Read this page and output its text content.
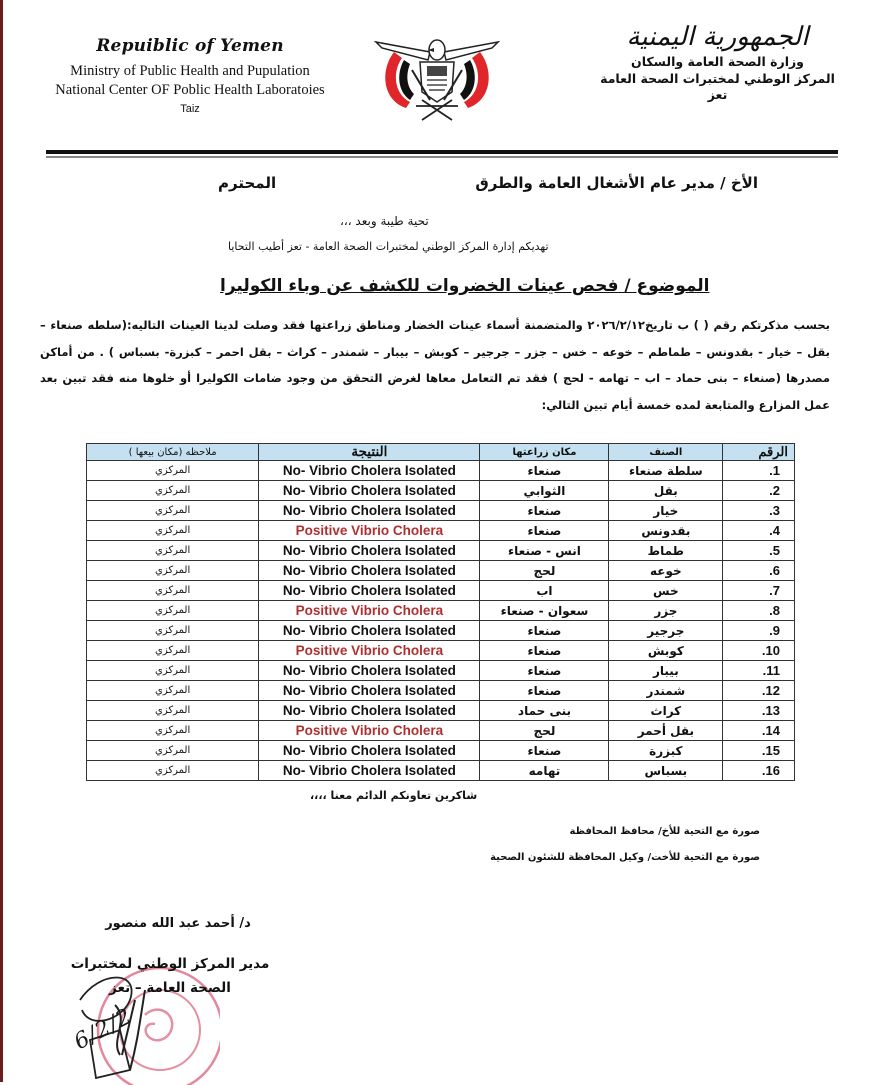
Repuiblic of Yemen
Ministry of Public Health and Pupulation
National Center OF Poblic Health Laboratoies
Taiz
الجمهورية اليمنية
وزارة الصحة العامة والسكان
المركز الوطني لمختبرات الصحة العامة
تعز
الأخ / مدير عام الأشغال العامة والطرق
المحترم
تحية طيبة وبعد ،،،
تهديكم إدارة المركز الوطني لمختبرات الصحة العامة - تعز أطيب التحايا
الموضوع / فحص عينات الخضروات للكشف عن وباء الكوليرا
بحسب مذكرتكم رقم ( ) ب تاريخ٢٠٢٦/٢/١٢ والمتضمنة أسماء عينات الخضار ومناطق زراعتها فقد وصلت لدينا العينات التاليه:(سلطه صنعاء – بقل – خيار - بقدونس – طماطم – خوعه – خس – جزر – جرجير – كوبش – بيبار – شمندر – كراث – بقل احمر – كبزرة- بسباس ) . من أماكن مصدرها (صنعاء – بنى حماد – اب – تهامه - لحج ) فقد تم التعامل معاها لغرض التحقق من وجود ضامات الكوليرا أو خلوها منه فقد تبين بعد عمل المزارع والمتابعة لمده خمسة أيام تبين التالي:
الرقم	الصنف	مكان زراعتها	النتيجة	ملاحظه (مكان بيعها )
.1	سلطة صنعاء	صنعاء	No- Vibrio Cholera Isolated	المركزي
.2	بقل	الثوابي	No- Vibrio Cholera Isolated	المركزي
.3	خيار	صنعاء	No- Vibrio Cholera Isolated	المركزي
.4	بقدونس	صنعاء	Positive Vibrio Cholera	المركزي
.5	طماط	انس - صنعاء	No- Vibrio Cholera Isolated	المركزي
.6	خوعه	لحج	No- Vibrio Cholera Isolated	المركزي
.7	خس	اب	No- Vibrio Cholera Isolated	المركزي
.8	جزر	سعوان - صنعاء	Positive Vibrio Cholera	المركزي
.9	جرجير	صنعاء	No- Vibrio Cholera Isolated	المركزي
.10	كوبش	صنعاء	Positive Vibrio Cholera	المركزي
.11	بيبار	صنعاء	No- Vibrio Cholera Isolated	المركزي
.12	شمندر	صنعاء	No- Vibrio Cholera Isolated	المركزي
.13	كراث	بنى حماد	No- Vibrio Cholera Isolated	المركزي
.14	بقل أحمر	لحج	Positive Vibrio Cholera	المركزي
.15	كبزرة	صنعاء	No- Vibrio Cholera Isolated	المركزي
.16	بسباس	تهامه	No- Vibrio Cholera Isolated	المركزي
شاكرين تعاونكم الدائم معنا ،،،،
صورة مع التحية للأخ/ محافظ المحافظة
صورة مع التحية للأخت/ وكيل المحافظة للشئون الصحية
6/2/2
د/ أحمد عبد الله منصور
مدير المركز الوطني لمختبرات
الصحة العامة – تعز
